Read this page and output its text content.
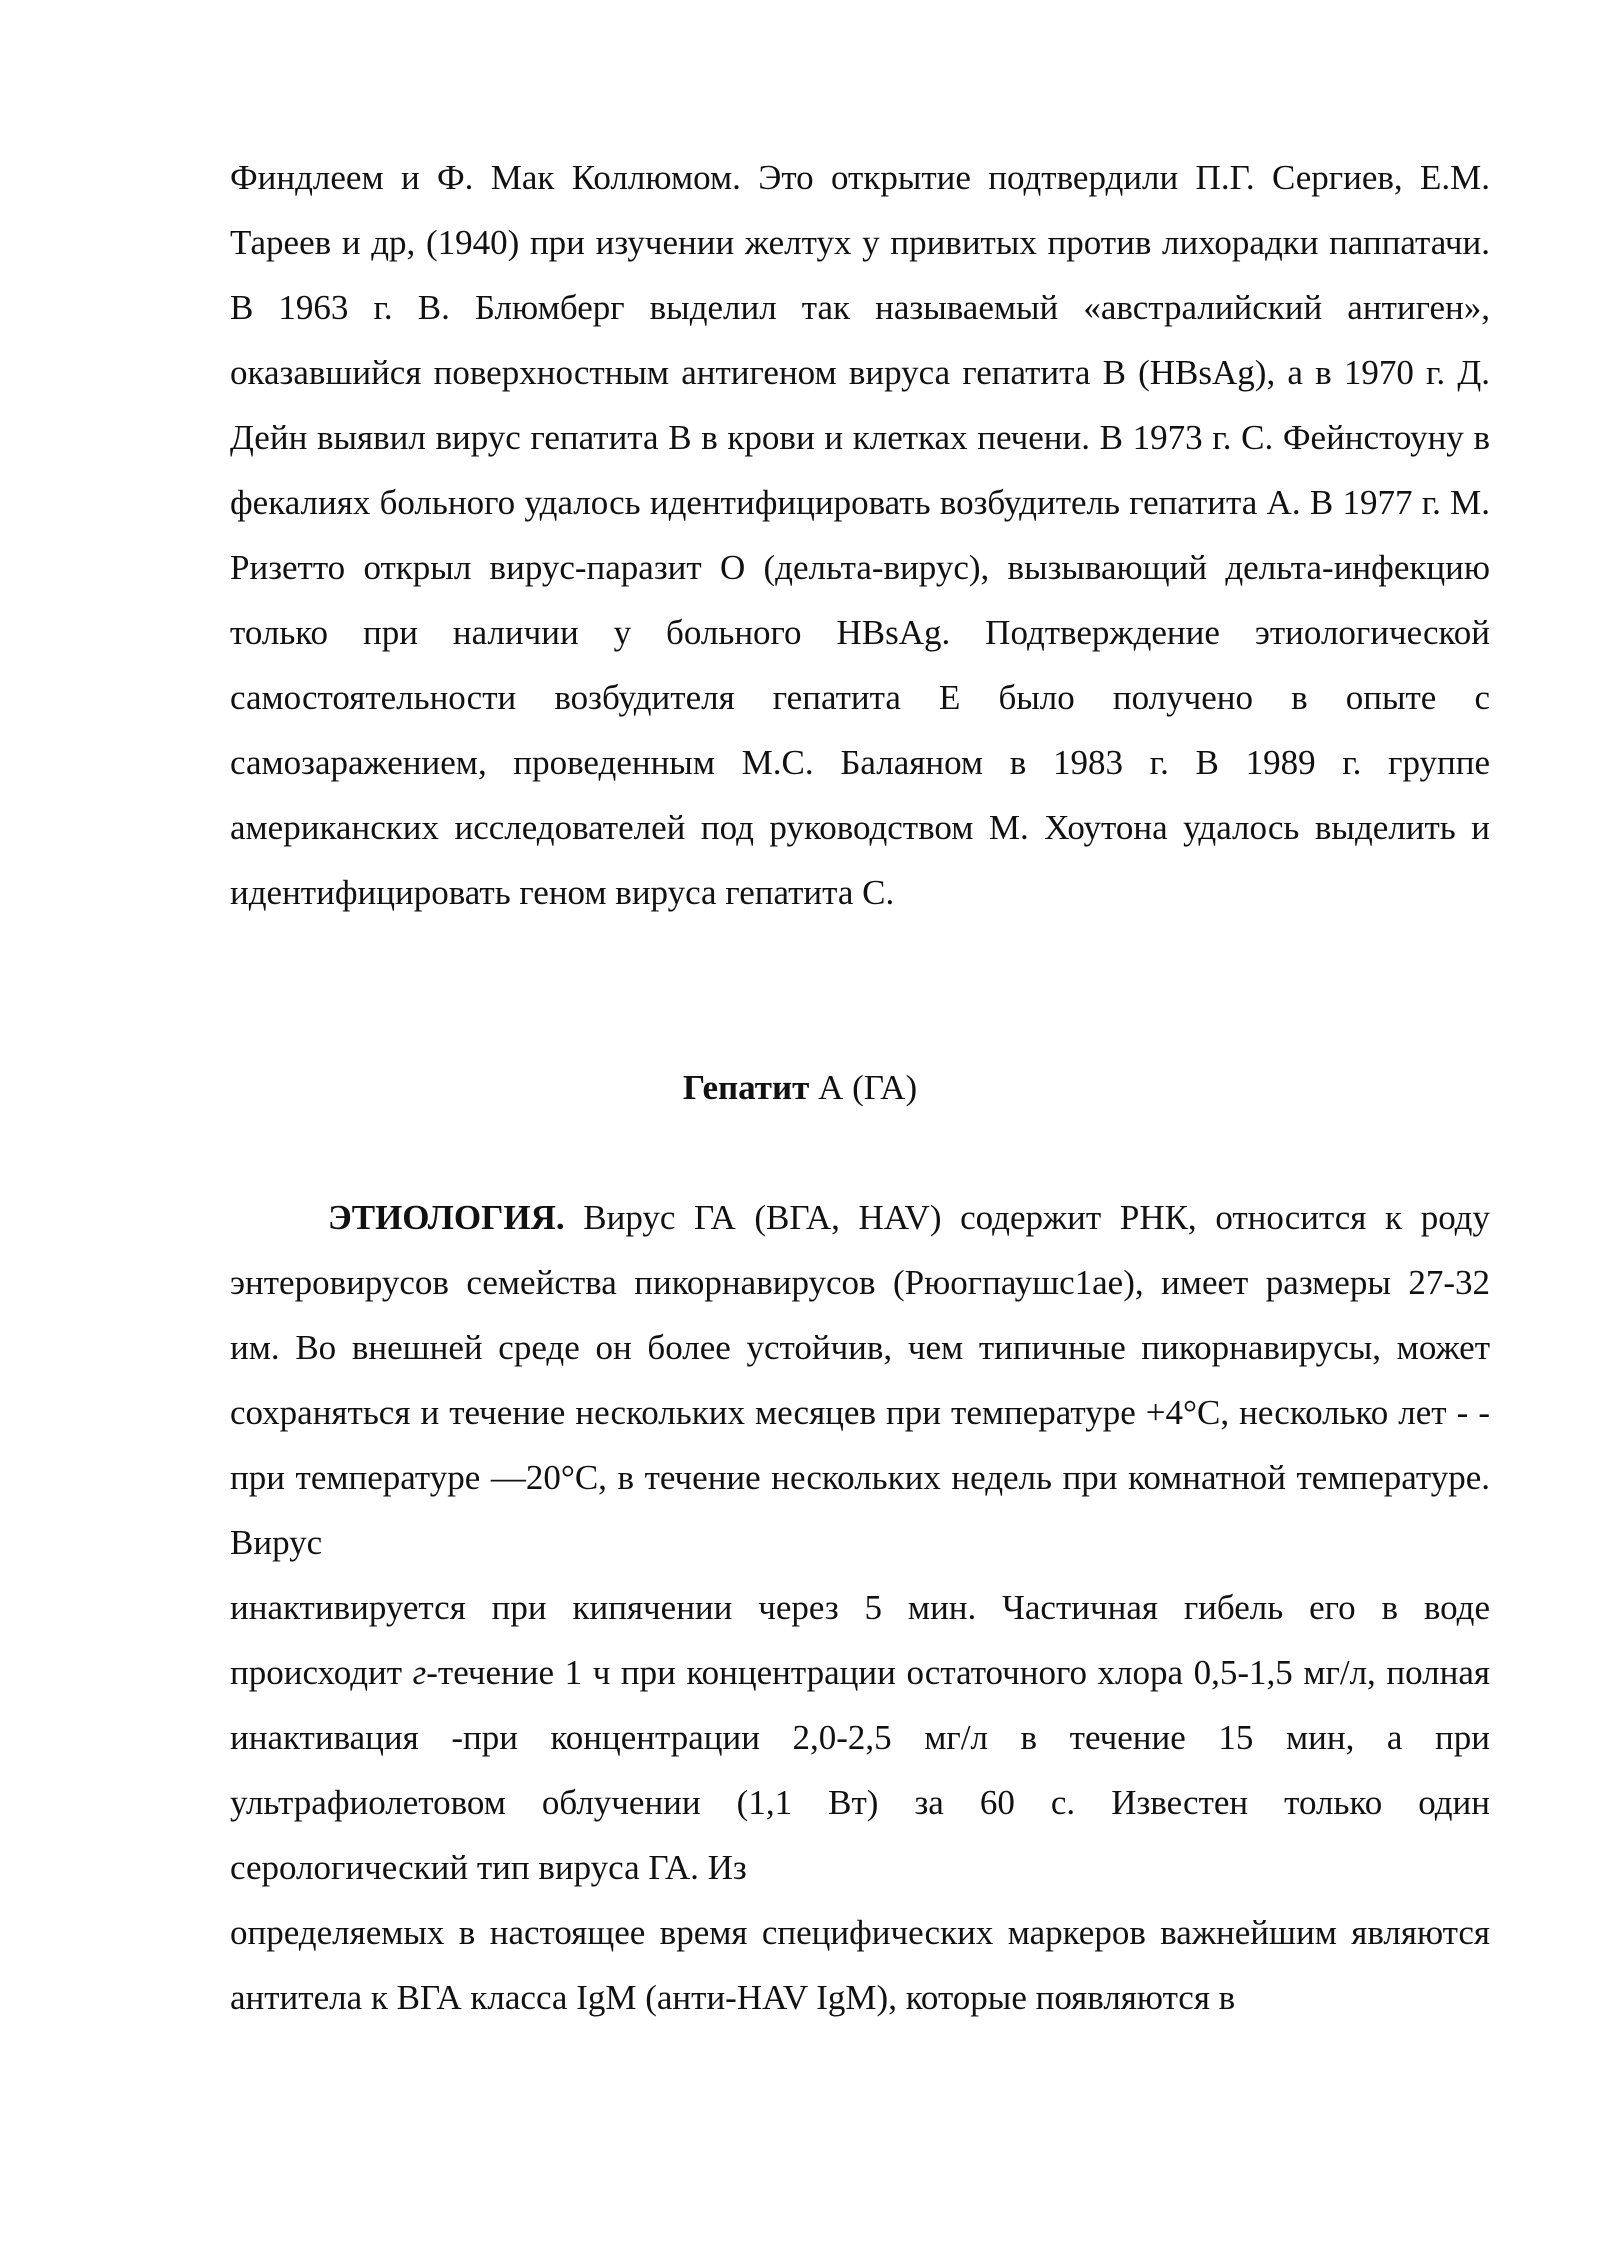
Финдлеем и Ф. Мак Коллюмом. Это открытие подтвердили П.Г. Сергиев, Е.М. Тареев и др, (1940) при изучении желтух у привитых против лихорадки паппатачи. В 1963 г. В. Блюмберг выделил так называемый «австралийский антиген», оказавшийся поверхностным антигеном вируса гепатита В (HBsAg), а в 1970 г. Д. Дейн выявил вирус гепатита В в крови и клетках печени. В 1973 г. С. Фейнстоуну в фекалиях больного удалось идентифицировать возбудитель гепатита А. В 1977 г. М. Ризетто открыл вирус-паразит О (дельта-вирус), вызывающий дельта-инфекцию только при наличии у больного HBsAg. Подтверждение этиологической самостоятельности возбудителя гепатита Е было получено в опыте с самозаражением, проведенным М.С. Балаяном в 1983 г. В 1989 г. группе американских исследователей под руководством М. Хоутона удалось выделить и идентифицировать геном вируса гепатита С.

Гепатит А (ГА)

ЭТИОЛОГИЯ. Вирус ГА (ВГА, HAV) содержит РНК, относится к роду энтеровирусов семейства пикорнавирусов (Рюогпаушс1ае), имеет размеры 27-32 им. Во внешней среде он более устойчив, чем типичные пикорнавирусы, может сохраняться и течение нескольких месяцев при температуре +4°С, несколько лет - - при температуре —20°С, в течение нескольких недель при комнатной температуре. Вирус

инактивируется при кипячении через 5 мин. Частичная гибель его в воде происходит г-течение 1 ч при концентрации остаточного хлора 0,5-1,5 мг/л, полная инактивация -при концентрации 2,0-2,5 мг/л в течение 15 мин, а при ультрафиолетовом облучении (1,1 Вт) за 60 с. Известен только один серологический тип вируса ГА. Из

определяемых в настоящее время специфических маркеров важнейшим являются антитела к ВГА класса IgM (анти-HAV IgM), которые появляются в
